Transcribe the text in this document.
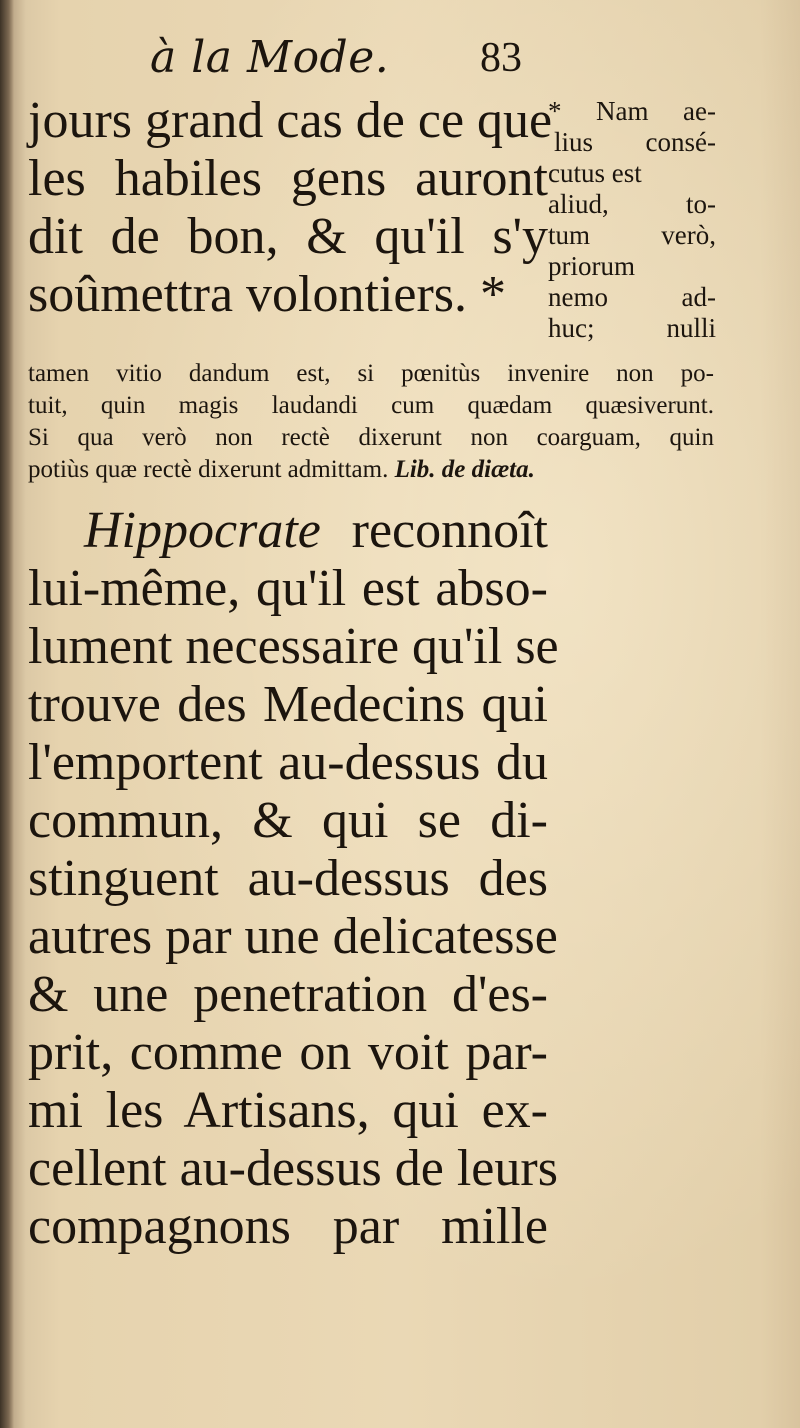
à la Mode. 83
jours grand cas de ce que
les habiles gens auront
dit de bon, & qu'il s'y
soûmettra volontiers. *
* Nam ae-
lius consé-
cutus est
aliud, to-
tum verò,
priorum
nemo ad-
huc; nulli
tamen vitio dandum est, si pœnitùs invenire non po-
tuit, quin magis laudandi cum quædam quæsiverunt.
Si qua verò non rectè dixerunt non coarguam, quin
potiùs quæ rectè dixerunt admittam. Lib. de diæta.
Hippocrate reconnoît
lui-même, qu'il est abso-
lument necessaire qu'il se
trouve des Medecins qui
l'emportent au-dessus du
commun, & qui se di-
stinguent au-dessus des
autres par une delicatesse
& une penetration d'es-
prit, comme on voit par-
mi les Artisans, qui ex-
cellent au-dessus de leurs
compagnons par mille
